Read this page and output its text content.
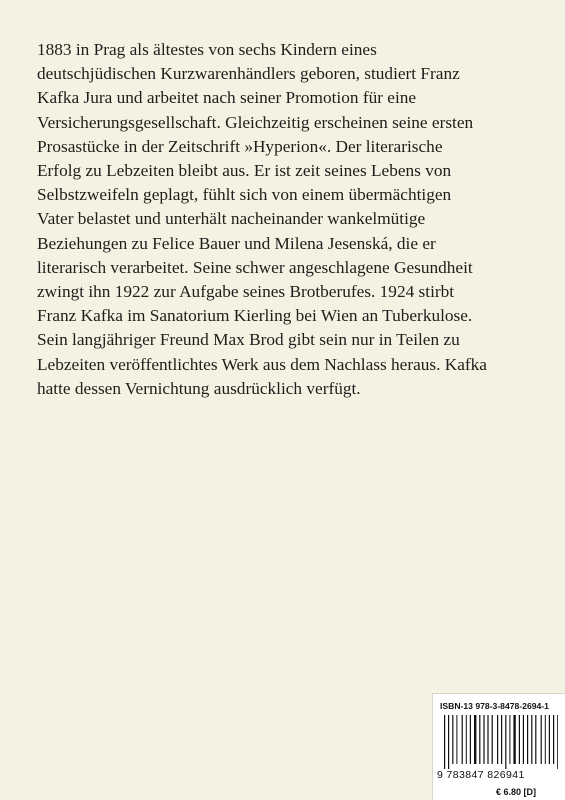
1883 in Prag als ältestes von sechs Kindern eines
deutschjüdischen Kurzwarenhändlers geboren, studiert Franz
Kafka Jura und arbeitet nach seiner Promotion für eine
Versicherungsgesellschaft. Gleichzeitig erscheinen seine ersten
Prosastücke in der Zeitschrift »Hyperion«. Der literarische
Erfolg zu Lebzeiten bleibt aus. Er ist zeit seines Lebens von
Selbstzweifeln geplagt, fühlt sich von einem übermächtigen
Vater belastet und unterhält nacheinander wankelmütige
Beziehungen zu Felice Bauer und Milena Jesenská, die er
literarisch verarbeitet. Seine schwer angeschlagene Gesundheit
zwingt ihn 1922 zur Aufgabe seines Brotberufes. 1924 stirbt
Franz Kafka im Sanatorium Kierling bei Wien an Tuberkulose.
Sein langjähriger Freund Max Brod gibt sein nur in Teilen zu
Lebzeiten veröffentlichtes Werk aus dem Nachlass heraus. Kafka
hatte dessen Vernichtung ausdrücklich verfügt.
ISBN-13 978-3-8478-2694-1
9 783847 826941
€ 6.80 [D]
